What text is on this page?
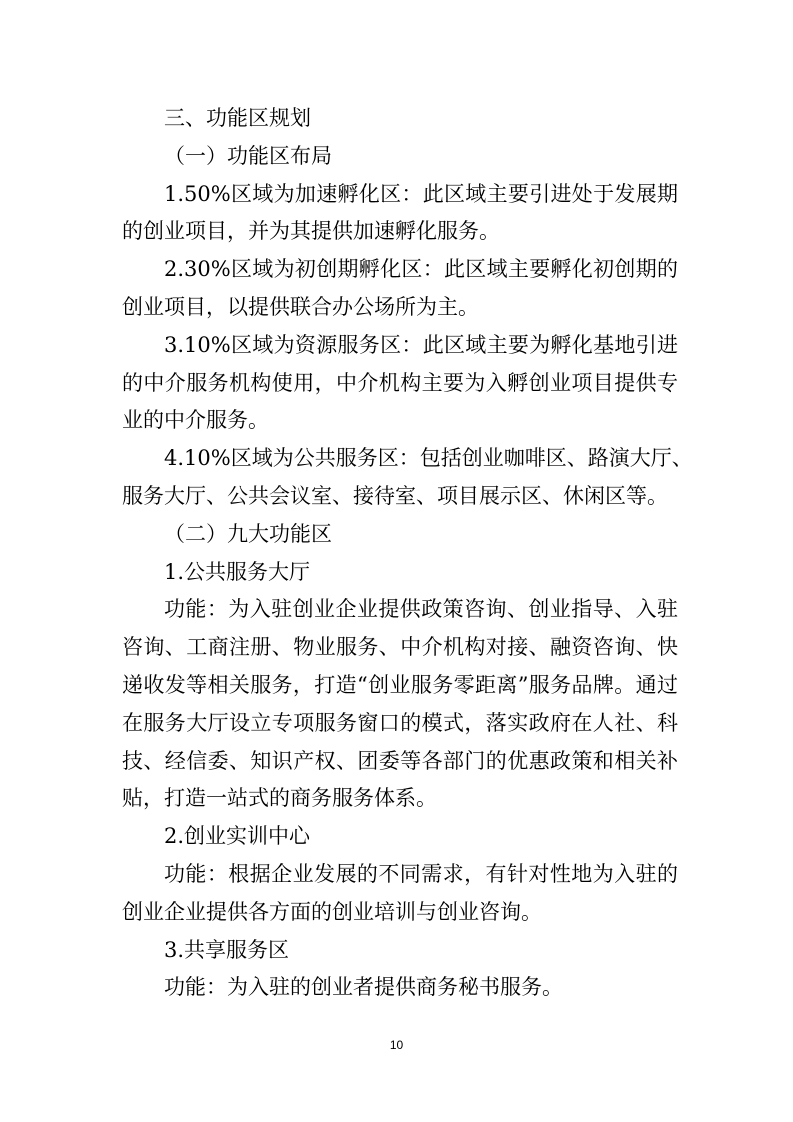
三、功能区规划

（一）功能区布局

1.50%区域为加速孵化区：此区域主要引进处于发展期

的创业项目，并为其提供加速孵化服务。

2.30%区域为初创期孵化区：此区域主要孵化初创期的

创业项目，以提供联合办公场所为主。

3.10%区域为资源服务区：此区域主要为孵化基地引进

的中介服务机构使用，中介机构主要为入孵创业项目提供专

业的中介服务。

4.10%区域为公共服务区：包括创业咖啡区、路演大厅、

服务大厅、公共会议室、接待室、项目展示区、休闲区等。

（二）九大功能区

1.公共服务大厅

功能：为入驻创业企业提供政策咨询、创业指导、入驻

咨询、工商注册、物业服务、中介机构对接、融资咨询、快

递收发等相关服务，打造“创业服务零距离”服务品牌。通过

在服务大厅设立专项服务窗口的模式，落实政府在人社、科

技、经信委、知识产权、团委等各部门的优惠政策和相关补

贴，打造一站式的商务服务体系。

2.创业实训中心

功能：根据企业发展的不同需求，有针对性地为入驻的

创业企业提供各方面的创业培训与创业咨询。

3.共享服务区

功能：为入驻的创业者提供商务秘书服务。

10
